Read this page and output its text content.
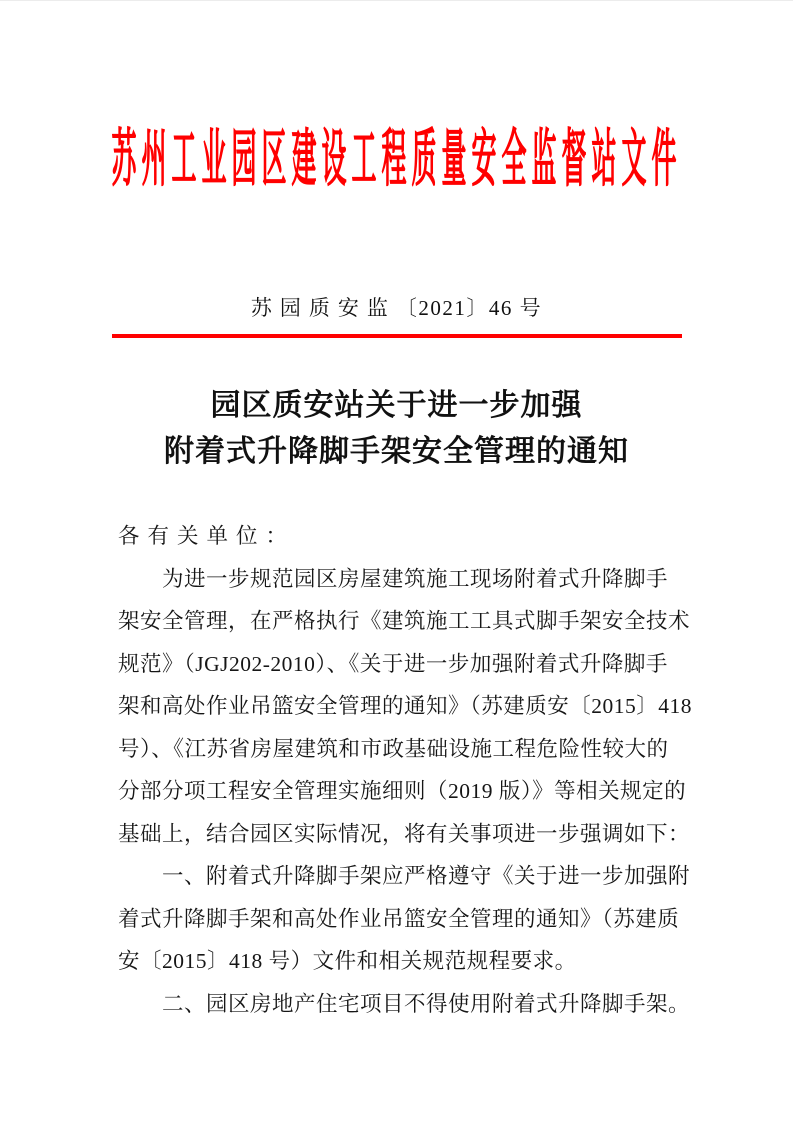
苏州工业园区建设工程质量安全监督站文件
苏园质安监〔2021〕46 号
园区质安站关于进一步加强
附着式升降脚手架安全管理的通知
各有关单位：
为进一步规范园区房屋建筑施工现场附着式升降脚手
架安全管理，在严格执行《建筑施工工具式脚手架安全技术
规范》（JGJ202-2010）、《关于进一步加强附着式升降脚手
架和高处作业吊篮安全管理的通知》（苏建质安〔2015〕418
号）、《江苏省房屋建筑和市政基础设施工程危险性较大的
分部分项工程安全管理实施细则（2019 版）》等相关规定的
基础上，结合园区实际情况，将有关事项进一步强调如下：
一、附着式升降脚手架应严格遵守《关于进一步加强附
着式升降脚手架和高处作业吊篮安全管理的通知》（苏建质
安〔2015〕418 号）文件和相关规范规程要求。
二、园区房地产住宅项目不得使用附着式升降脚手架。
